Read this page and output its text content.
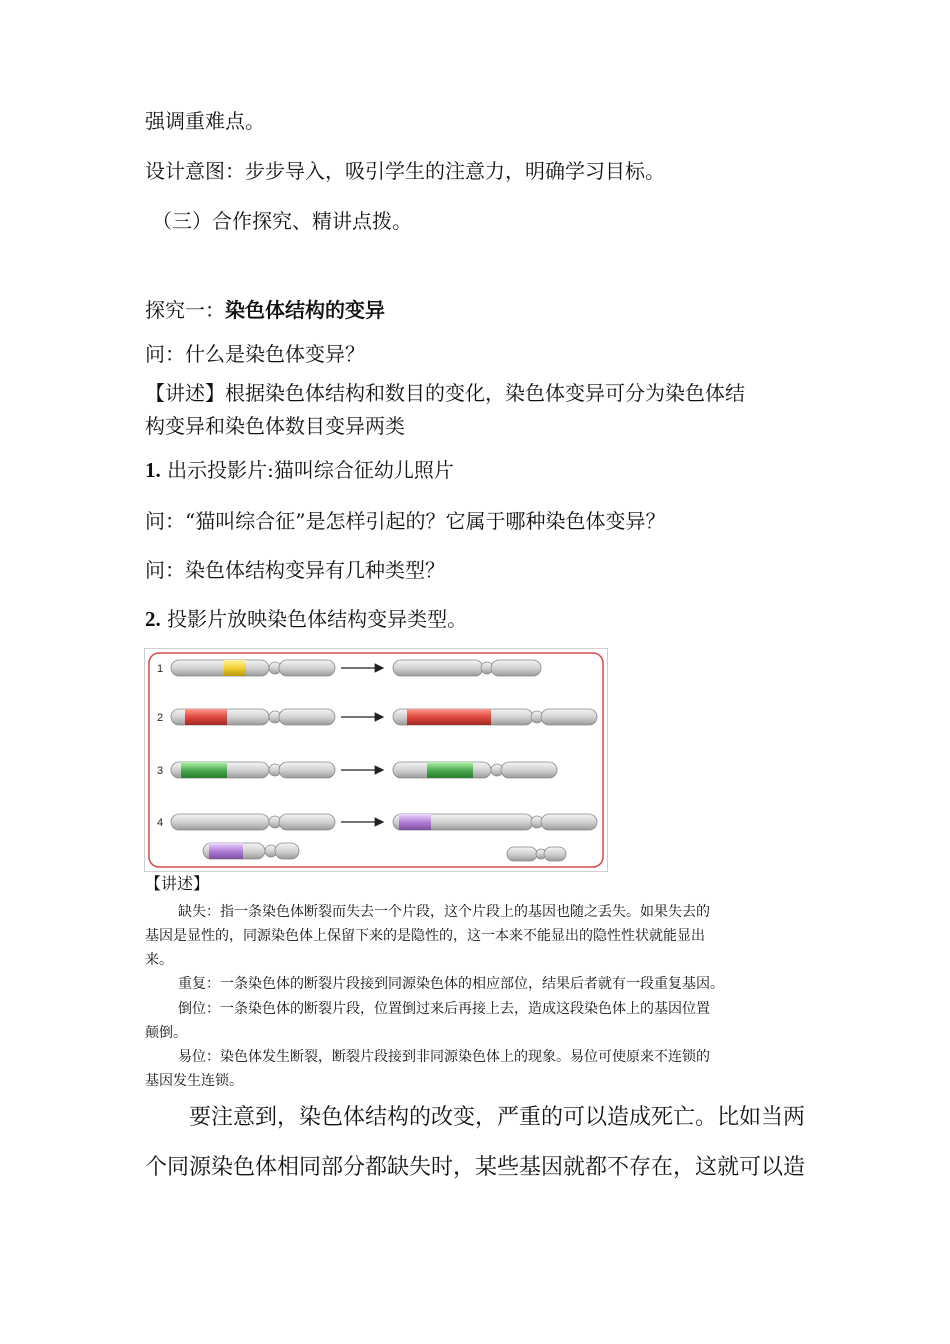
强调重难点。
设计意图：步步导入，吸引学生的注意力，明确学习目标。
（三）合作探究、精讲点拨。
探究一：染色体结构的变异
问：什么是染色体变异？
【讲述】根据染色体结构和数目的变化，染色体变异可分为染色体结
构变异和染色体数目变异两类
1. 出示投影片:猫叫综合征幼儿照片
问：“猫叫综合征”是怎样引起的？它属于哪种染色体变异？
问：染色体结构变异有几种类型？
2. 投影片放映染色体结构变异类型。
1
2
3
4
【讲述】
缺失：指一条染色体断裂而失去一个片段，这个片段上的基因也随之丢失。如果失去的
基因是显性的，同源染色体上保留下来的是隐性的，这一本来不能显出的隐性性状就能显出
来。
重复：一条染色体的断裂片段接到同源染色体的相应部位，结果后者就有一段重复基因。
倒位：一条染色体的断裂片段，位置倒过来后再接上去，造成这段染色体上的基因位置
颠倒。
易位：染色体发生断裂，断裂片段接到非同源染色体上的现象。易位可使原来不连锁的
基因发生连锁。
要注意到，染色体结构的改变，严重的可以造成死亡。比如当两
个同源染色体相同部分都缺失时，某些基因就都不存在，这就可以造
